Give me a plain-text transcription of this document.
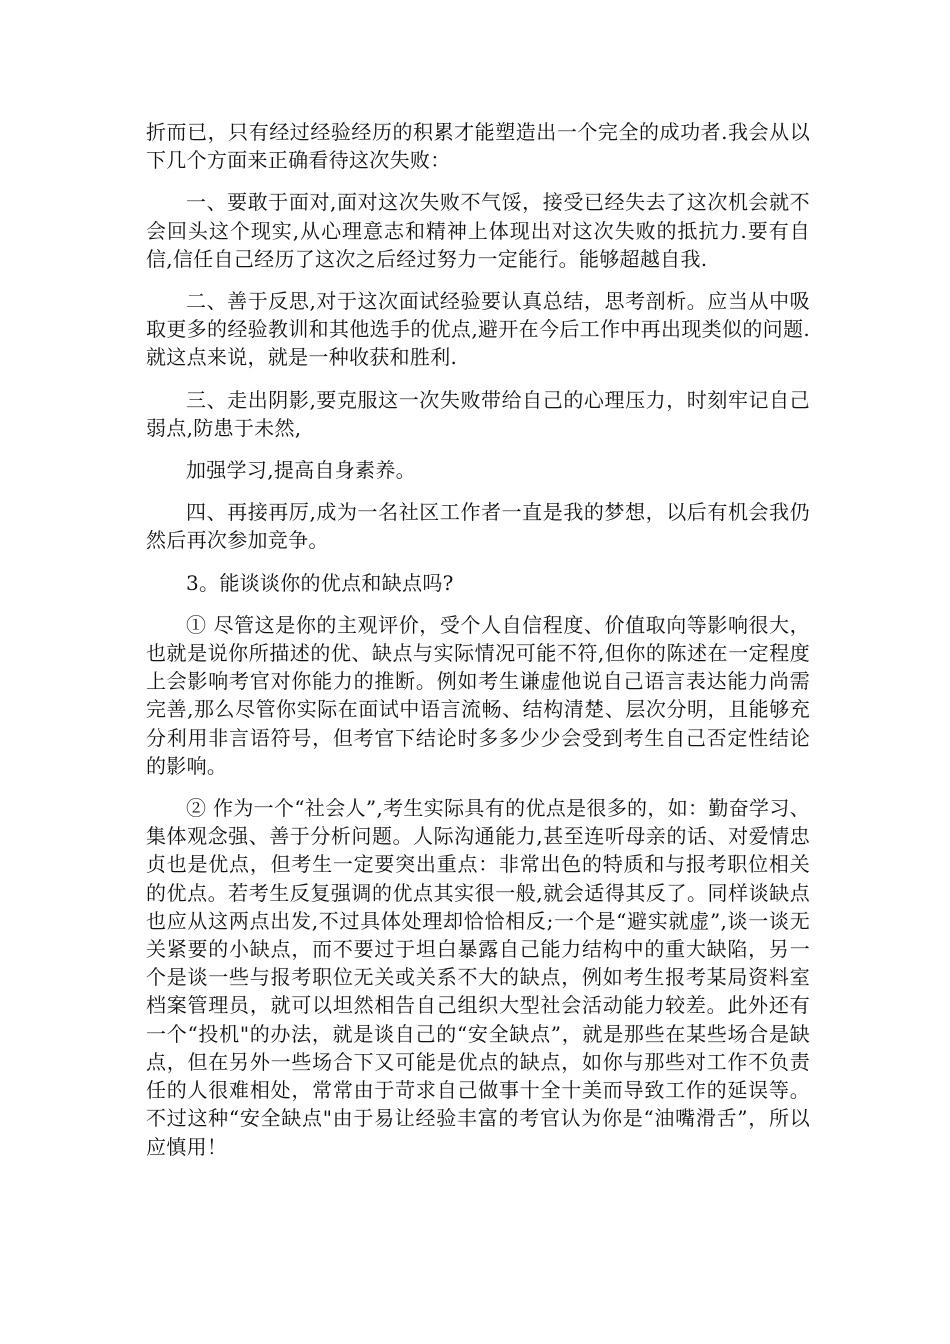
折而已，只有经过经验经历的积累才能塑造出一个完全的成功者.我会从以下几个方面来正确看待这次失败：

一、要敢于面对,面对这次失败不气馁，接受已经失去了这次机会就不会回头这个现实,从心理意志和精神上体现出对这次失败的抵抗力.要有自信,信任自己经历了这次之后经过努力一定能行。能够超越自我.

二、善于反思,对于这次面试经验要认真总结，思考剖析。应当从中吸取更多的经验教训和其他选手的优点,避开在今后工作中再出现类似的问题.就这点来说，就是一种收获和胜利.

三、走出阴影,要克服这一次失败带给自己的心理压力，时刻牢记自己弱点,防患于未然,

加强学习,提高自身素养。

四、再接再厉,成为一名社区工作者一直是我的梦想，以后有机会我仍然后再次参加竞争。

3。能谈谈你的优点和缺点吗?

① 尽管这是你的主观评价，受个人自信程度、价值取向等影响很大，也就是说你所描述的优、缺点与实际情况可能不符,但你的陈述在一定程度上会影响考官对你能力的推断。例如考生谦虚他说自己语言表达能力尚需完善,那么尽管你实际在面试中语言流畅、结构清楚、层次分明，且能够充分利用非言语符号，但考官下结论时多多少少会受到考生自己否定性结论的影响。

② 作为一个“社会人”,考生实际具有的优点是很多的，如：勤奋学习、集体观念强、善于分析问题。人际沟通能力,甚至连听母亲的话、对爱情忠贞也是优点，但考生一定要突出重点：非常出色的特质和与报考职位相关的优点。若考生反复强调的优点其实很一般,就会适得其反了。同样谈缺点也应从这两点出发,不过具体处理却恰恰相反;一个是“避实就虚”,谈一谈无关紧要的小缺点，而不要过于坦白暴露自己能力结构中的重大缺陷，另一个是谈一些与报考职位无关或关系不大的缺点，例如考生报考某局资料室档案管理员，就可以坦然相告自己组织大型社会活动能力较差。此外还有一个“投机"的办法，就是谈自己的“安全缺点”，就是那些在某些场合是缺点，但在另外一些场合下又可能是优点的缺点，如你与那些对工作不负责任的人很难相处，常常由于苛求自己做事十全十美而导致工作的延误等。不过这种“安全缺点"由于易让经验丰富的考官认为你是“油嘴滑舌”，所以应慎用！
